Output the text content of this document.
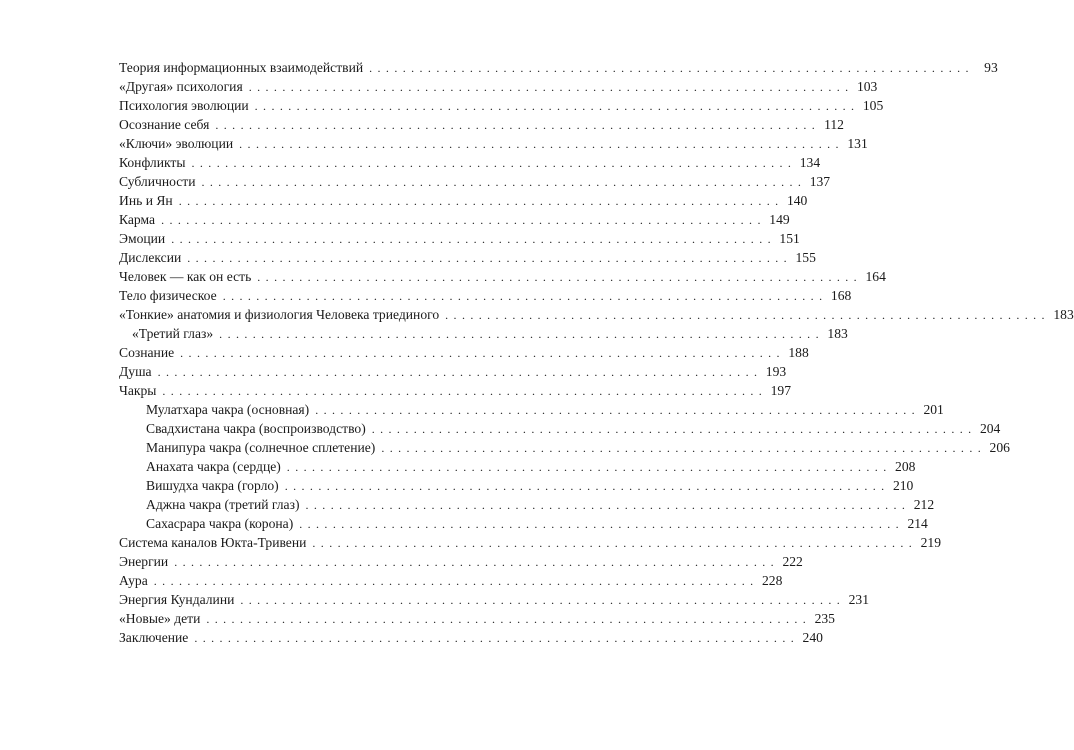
Теория информационных взаимодействий . . .	93
«Другая» психология . . .	103
Психология эволюции . . .	105
Осознание себя . . .	112
«Ключи» эволюции . . .	131
Конфликты . . .	134
Субличности . . .	137
Инь и Ян . . .	140
Карма . . .	149
Эмоции . . .	151
Дислексии . . .	155
Человек — как он есть . . .	164
Тело физическое . . .	168
«Тонкие» анатомия и физиология Человека триединого . . .	183
«Третий глаз» . . .	183
Сознание . . .	188
Душа . . .	193
Чакры . . .	197
Мулатхара чакра (основная) . . .	201
Свадхистана чакра (воспроизводство) . . .	204
Манипура чакра (солнечное сплетение) . . .	206
Анахата чакра (сердце) . . .	208
Вишудха чакра (горло) . . .	210
Аджна чакра (третий глаз) . . .	212
Сахасрара чакра (корона) . . .	214
Система каналов Юкта-Тривени . . .	219
Энергии . . .	222
Аура . . .	228
Энергия Кундалини . . .	231
«Новые» дети . . .	235
Заключение . . .	240
